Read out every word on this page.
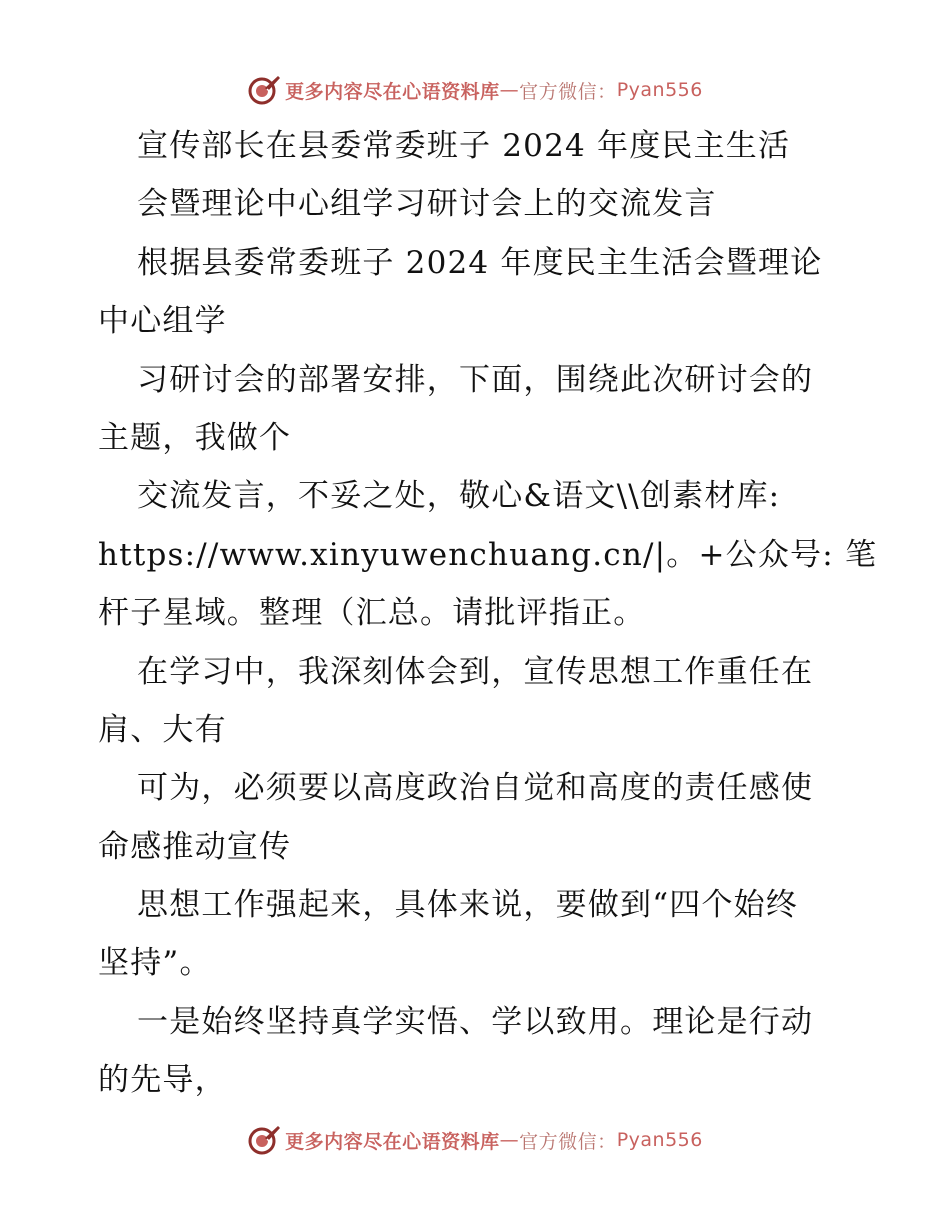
更多内容尽在心语资料库 — 官方微信： Pyan556
宣传部长在县委常委班子 2024 年度民主生活
会暨理论中心组学习研讨会上的交流发言
根据县委常委班子 2024 年度民主生活会暨理论
中心组学
习研讨会的部署安排，下面，围绕此次研讨会的
主题，我做个
交流发言，不妥之处，敬心&语文\\创素材库:
https://www.xinyuwenchuang.cn/|。+公众号: 笔
杆子星域。整理（汇总。请批评指正。
在学习中，我深刻体会到，宣传思想工作重任在
肩、大有
可为，必须要以高度政治自觉和高度的责任感使
命感推动宣传
思想工作强起来，具体来说，要做到“四个始终
坚持”。
一是始终坚持真学实悟、学以致用。理论是行动
的先导，
更多内容尽在心语资料库 — 官方微信： Pyan556
